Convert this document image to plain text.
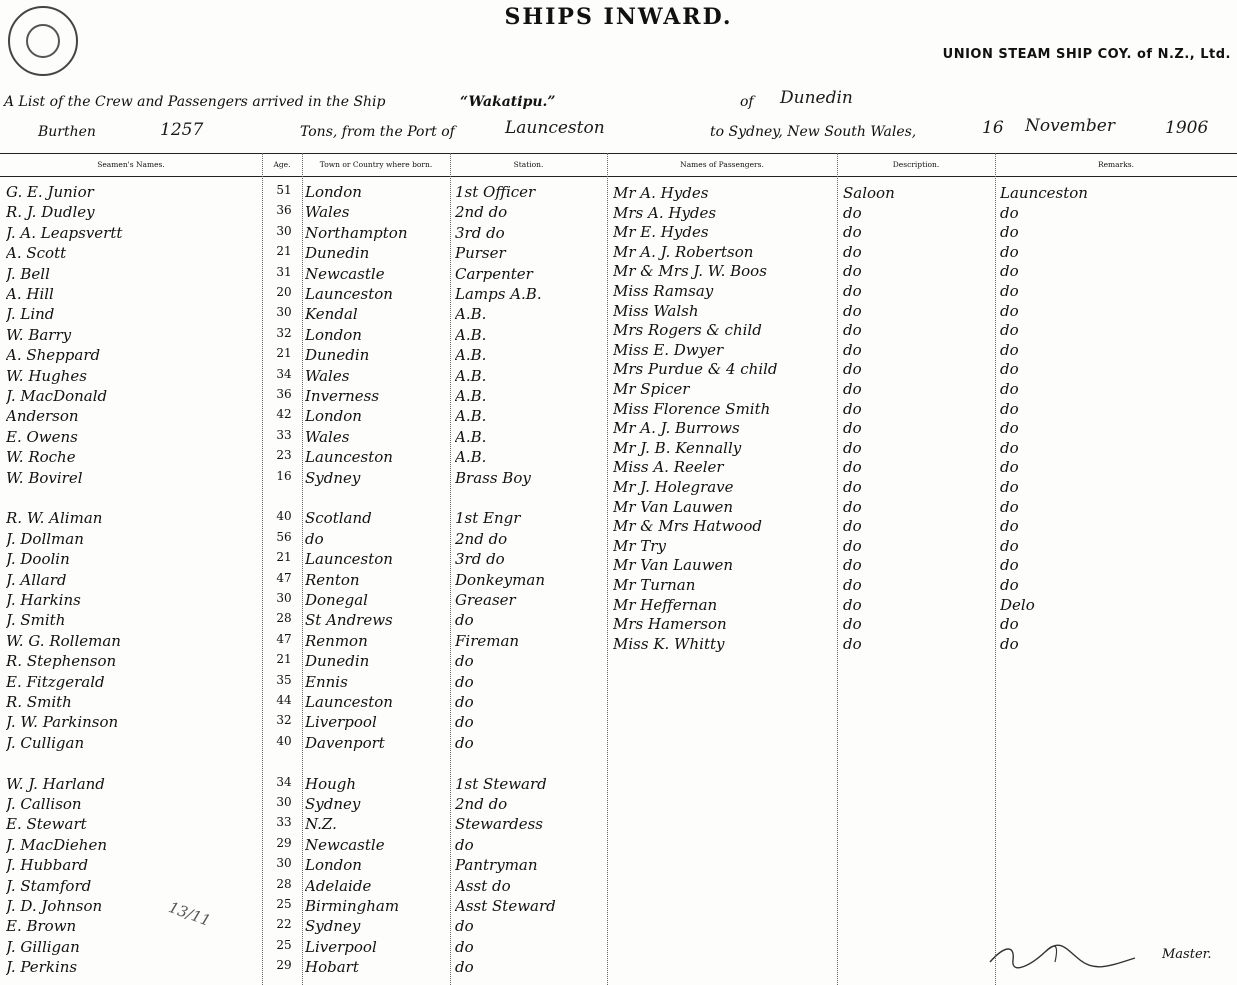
SHIPS INWARD.
UNION STEAM SHIP COY. of N.Z., Ltd.
A List of the Crew and Passengers arrived in the Ship	“Wakatipu.”	of Dunedin
Burthen	1257	Tons, from the Port of	Launceston	to Sydney, New South Wales,	16 November	1906
Seamen's Names.	Age.	Town or Country where born.	Station.	Names of Passengers.	Description.	Remarks.
G. E. Junior	51 London	1st Officer
R. J. Dudley	36 Wales	2nd do
J. A. Leapsvertt	30 Northampton	3rd do
A. Scott	21 Dunedin	Purser
J. Bell	31 Newcastle	Carpenter
A. Hill	20 Launceston	Lamps A.B.
J. Lind	30 Kendal	A.B.
W. Barry	32 London	A.B.
A. Sheppard	21 Dunedin	A.B.
W. Hughes	34 Wales	A.B.
J. MacDonald	36 Inverness	A.B.
Anderson	42 London	A.B.
E. Owens	33 Wales	A.B.
W. Roche	23 Launceston	A.B.
W. Bovirel	16 Sydney	Brass Boy
R. W. Aliman	40 Scotland	1st Engr
J. Dollman	56 do	2nd do
J. Doolin	21 Launceston	3rd do
J. Allard	47 Renton	Donkeyman
J. Harkins	30 Donegal	Greaser
J. Smith	28 St Andrews	do
W. G. Rolleman	47 Renmon	Fireman
R. Stephenson	21 Dunedin	do
E. Fitzgerald	35 Ennis	do
R. Smith	44 Launceston	do
J. W. Parkinson	32 Liverpool	do
J. Culligan	40 Davenport	do
W. J. Harland	34 Hough	1st Steward
J. Callison	30 Sydney	2nd do
E. Stewart	33 N.Z.	Stewardess
J. MacDiehen	29 Newcastle	do
J. Hubbard	30 London	Pantryman
J. Stamford	28 Adelaide	Asst do
J. D. Johnson	25 Birmingham	Asst Steward
E. Brown	22 Sydney	do
J. Gilligan	25 Liverpool	do
J. Perkins	29 Hobart	do
Mr A. Hydes	Saloon	Launceston
Mrs A. Hydes	do	do
Mr E. Hydes	do	do
Mr A. J. Robertson	do	do
Mr & Mrs J. W. Boos	do	do
Miss Ramsay	do	do
Miss Walsh	do	do
Mrs Rogers & child	do	do
Miss E. Dwyer	do	do
Mrs Purdue & 4 child	do	do
Mr Spicer	do	do
Miss Florence Smith	do	do
Mr A. J. Burrows	do	do
Mr J. B. Kennally	do	do
Miss A. Reeler	do	do
Mr J. Holegrave	do	do
Mr Van Lauwen	do	do
Mr & Mrs Hatwood	do	do
Mr Try	do	do
Mr Van Lauwen	do	do
Mr Turnan	do	do
Mr Heffernan	do	Delo
Mrs Hamerson	do	do
Miss K. Whitty	do	do
13/11
Master.
